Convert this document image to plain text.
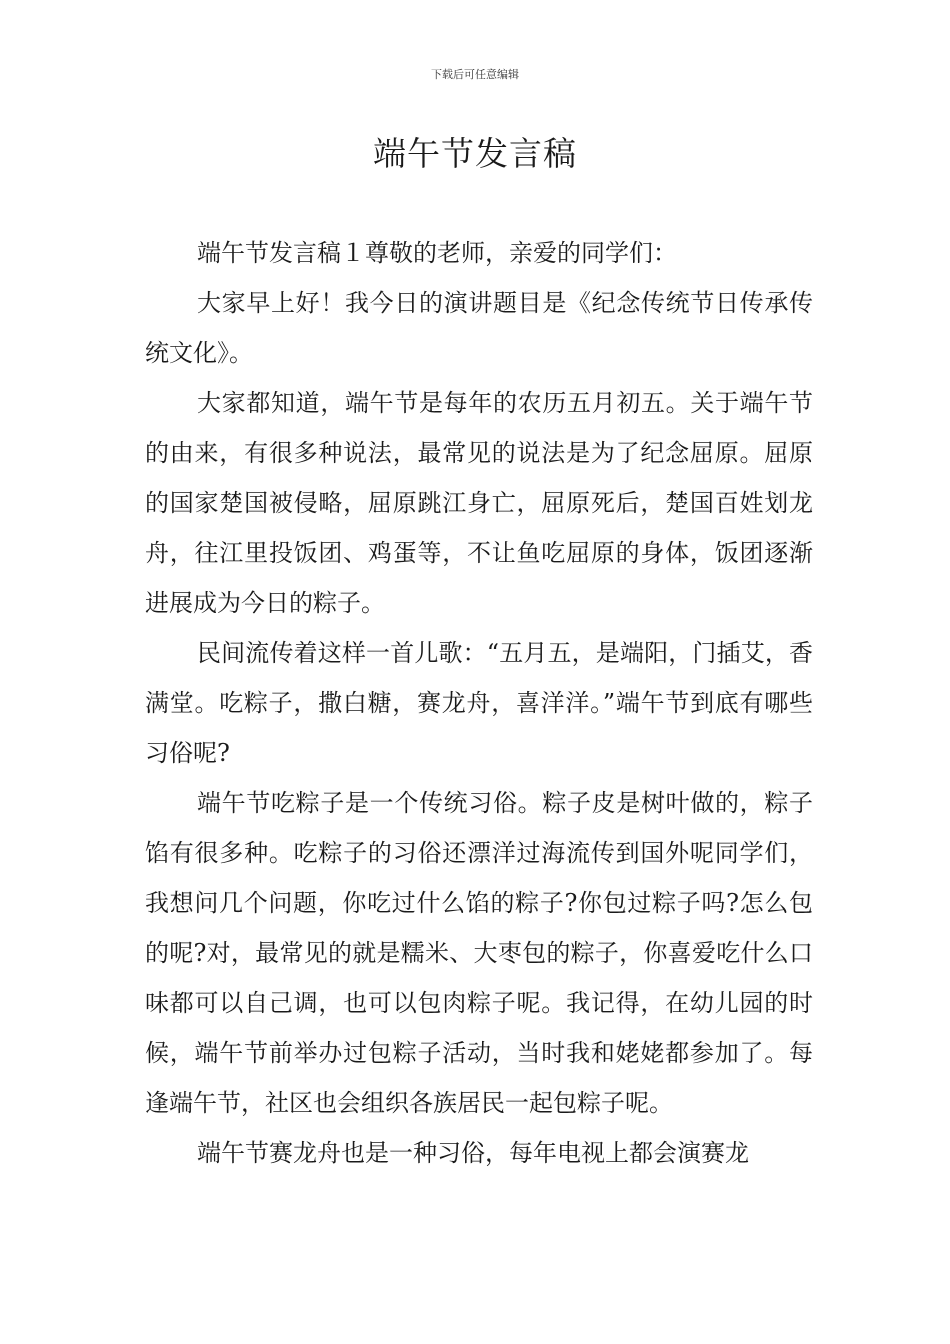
下载后可任意编辑
端午节发言稿

端午节发言稿１尊敬的老师，亲爱的同学们：

大家早上好！我今日的演讲题目是《纪念传统节日传承传统文化》。

大家都知道，端午节是每年的农历五月初五。关于端午节的由来，有很多种说法，最常见的说法是为了纪念屈原。屈原的国家楚国被侵略，屈原跳江身亡，屈原死后，楚国百姓划龙舟，往江里投饭团、鸡蛋等，不让鱼吃屈原的身体，饭团逐渐进展成为今日的粽子。

民间流传着这样一首儿歌：“五月五，是端阳，门插艾，香满堂。吃粽子，撒白糖，赛龙舟，喜洋洋。”端午节到底有哪些习俗呢?

端午节吃粽子是一个传统习俗。粽子皮是树叶做的，粽子馅有很多种。吃粽子的习俗还漂洋过海流传到国外呢同学们，我想问几个问题，你吃过什么馅的粽子?你包过粽子吗?怎么包的呢?对，最常见的就是糯米、大枣包的粽子，你喜爱吃什么口味都可以自己调，也可以包肉粽子呢。我记得，在幼儿园的时候，端午节前举办过包粽子活动，当时我和姥姥都参加了。每逢端午节，社区也会组织各族居民一起包粽子呢。

端午节赛龙舟也是一种习俗，每年电视上都会演赛龙
